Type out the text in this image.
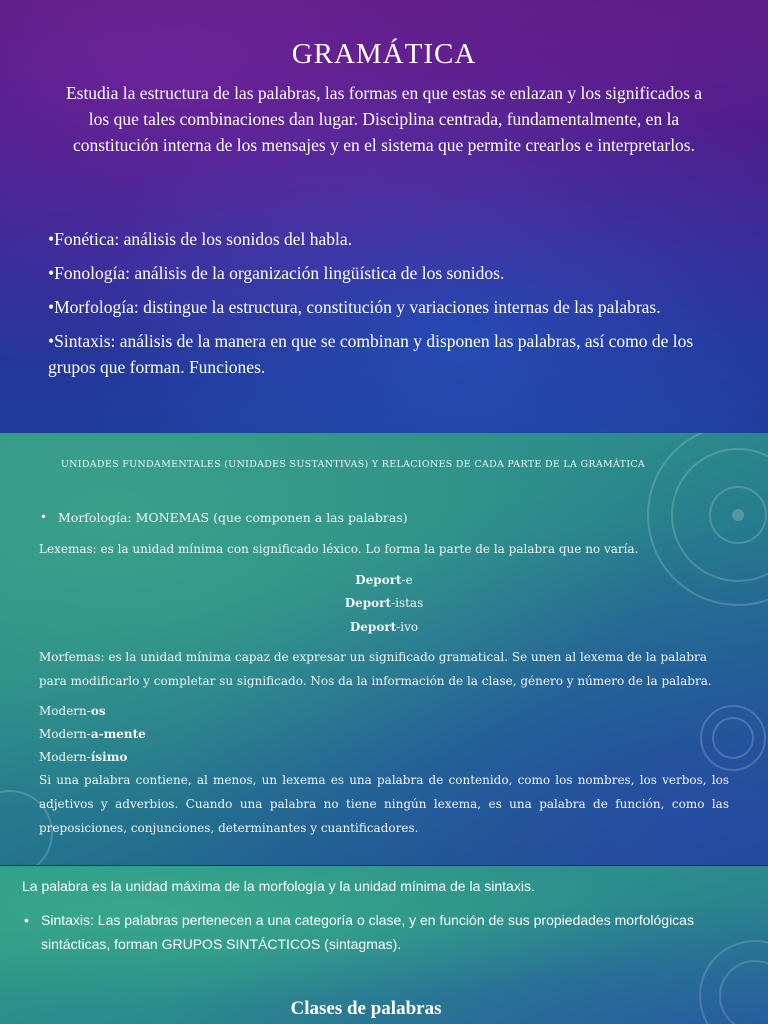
GRAMÁTICA
Estudia la estructura de las palabras, las formas en que estas se enlazan y los significados a los que tales combinaciones dan lugar. Disciplina centrada, fundamentalmente, en la constitución interna de los mensajes y en el sistema que permite crearlos e interpretarlos.
•Fonética: análisis de los sonidos del habla.
•Fonología: análisis de la organización lingüística de los sonidos.
•Morfología: distingue la estructura, constitución y variaciones internas de las palabras.
•Sintaxis: análisis de la manera en que se combinan y disponen las palabras, así como de los grupos que forman. Funciones.
UNIDADES FUNDAMENTALES (UNIDADES SUSTANTIVAS) Y RELACIONES DE CADA PARTE DE LA GRAMÁTICA
• Morfología: MONEMAS (que componen a las palabras)
Lexemas: es la unidad mínima con significado léxico. Lo forma la parte de la palabra que no varía.
Deport-e
Deport-istas
Deport-ivo
Morfemas: es la unidad mínima capaz de expresar un significado gramatical. Se unen al lexema de la palabra para modificarlo y completar su significado. Nos da la información de la clase, género y número de la palabra.
Modern-os
Modern-a-mente
Modern-ísimo
Si una palabra contiene, al menos, un lexema es una palabra de contenido, como los nombres, los verbos, los adjetivos y adverbios. Cuando una palabra no tiene ningún lexema, es una palabra de función, como las preposiciones, conjunciones, determinantes y cuantificadores.
La palabra es la unidad máxima de la morfología y la unidad mínima de la sintaxis.
• Sintaxis: Las palabras pertenecen a una categoría o clase, y en función de sus propiedades morfológicas sintácticas, forman GRUPOS SINTÁCTICOS (sintagmas).
Clases de palabras
